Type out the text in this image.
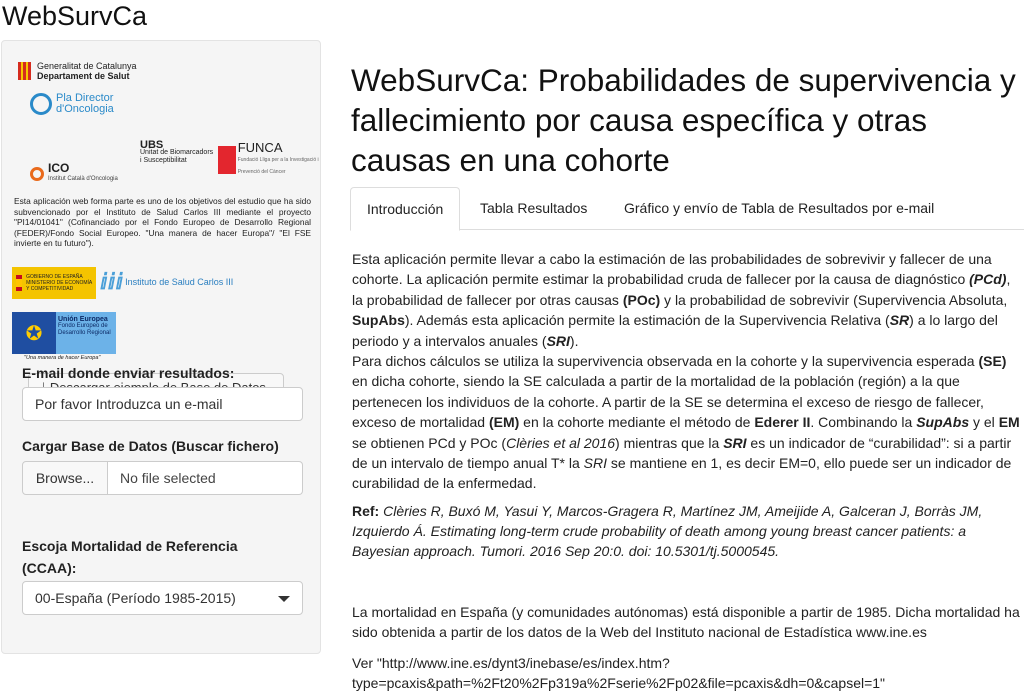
WebSurvCa
Generalitat de Catalunya
Departament de Salut
Pla Director
d'Oncologia
ICO
Institut Català d'Oncologia
UBS
Unitat de Biomarcadors
i Susceptibilitat
FUNCA
Fundació Lliga per a la Investigació i Prevenció del Càncer

Esta aplicación web forma parte es uno de los objetivos del estudio que ha sido subvencionado por el Instituto de Salud Carlos III mediante el proyecto "PI14/01041" (Cofinanciado por el Fondo Europeo de Desarrollo Regional (FEDER)/Fondo Social Europeo. "Una manera de hacer Europa"/ "El FSE invierte en tu futuro").

GOBIERNO DE ESPAÑA
MINISTERIO DE ECONOMÍA Y COMPETITIVIDAD	ⅈⅈⅈ Instituto de Salud Carlos III
✪
Unión Europea
Fondo Europeo de Desarrollo Regional
"Una manera de hacer Europa"
E-mail donde enviar resultados:
Por favor Introduzca un e-mail
Cargar Base de Datos (Buscar fichero)
Browse...	No file selected
Escoja Mortalidad de Referencia
(CCAA):
00-España (Período 1985-2015)
WebSurvCa: Probabilidades de supervivencia y fallecimiento por causa específica y otras causas en una cohorte
Introducción	Tabla Resultados	Gráfico y envío de Tabla de Resultados por e-mail

Esta aplicación permite llevar a cabo la estimación de las probabilidades de sobrevivir y fallecer de una cohorte. La aplicación permite estimar la probabilidad cruda de fallecer por la causa de diagnóstico (PCd), la probabilidad de fallecer por otras causas (POc) y la probabilidad de sobrevivir (Supervivencia Absoluta, SupAbs). Además esta aplicación permite la estimación de la Supervivencia Relativa (SR) a lo largo del periodo y a intervalos anuales (SRI).
Para dichos cálculos se utiliza la supervivencia observada en la cohorte y la supervivencia esperada (SE) en dicha cohorte, siendo la SE calculada a partir de la mortalidad de la población (región) a la que pertenecen los individuos de la cohorte. A partir de la SE se determina el exceso de riesgo de fallecer, exceso de mortalidad (EM) en la cohorte mediante el método de Ederer II. Combinando la SupAbs y el EM se obtienen PCd y POc (Clèries et al 2016) mientras que la SRI es un indicador de “curabilidad”: si a partir de un intervalo de tiempo anual T* la SRI se mantiene en 1, es decir EM=0, ello puede ser un indicador de curabilidad de la enfermedad.

Ref: Clèries R, Buxó M, Yasui Y, Marcos-Gragera R, Martínez JM, Ameijide A, Galceran J, Borràs JM, Izquierdo Á. Estimating long-term crude probability of death among young breast cancer patients: a Bayesian approach. Tumori. 2016 Sep 20:0. doi: 10.5301/tj.5000545.

La mortalidad en España (y comunidades autónomas) está disponible a partir de 1985. Dicha mortalidad ha sido obtenida a partir de los datos de la Web del Instituto nacional de Estadística www.ine.es

Ver "http://www.ine.es/dynt3/inebase/es/index.htm?
type=pcaxis&path=%2Ft20%2Fp319a%2Fserie%2Fp02&file=pcaxis&dh=0&capsel=1"
